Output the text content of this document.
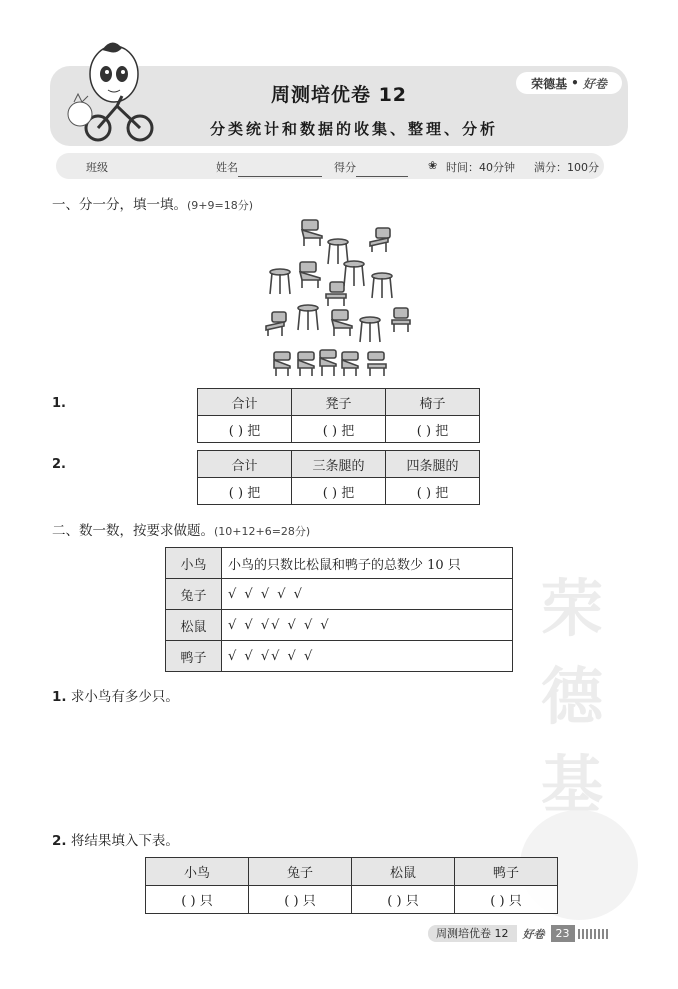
周测培优卷 12
分类统计和数据的收集、整理、分析
荣德基 • 好卷
班级	姓名	得分	❀ 时间：40分钟 满分：100分
一、分一分，填一填。(9+9=18分)
1.	合计	凳子	椅子
( ) 把	( ) 把	( ) 把
2.	合计	三条腿的	四条腿的
( ) 把	( ) 把	( ) 把
二、数一数，按要求做题。(10+12+6=28分)
小鸟	小鸟的只数比松鼠和鸭子的总数少 10 只
兔子	√ √ √ √ √
松鼠	√ √ √√ √ √ √
鸭子	√ √ √√ √ √
1. 求小鸟有多少只。
2. 将结果填入下表。
荣
德
基
小鸟	兔子	松鼠	鸭子
( ) 只	( ) 只	( ) 只	( ) 只
周测培优卷 12	好卷	23
